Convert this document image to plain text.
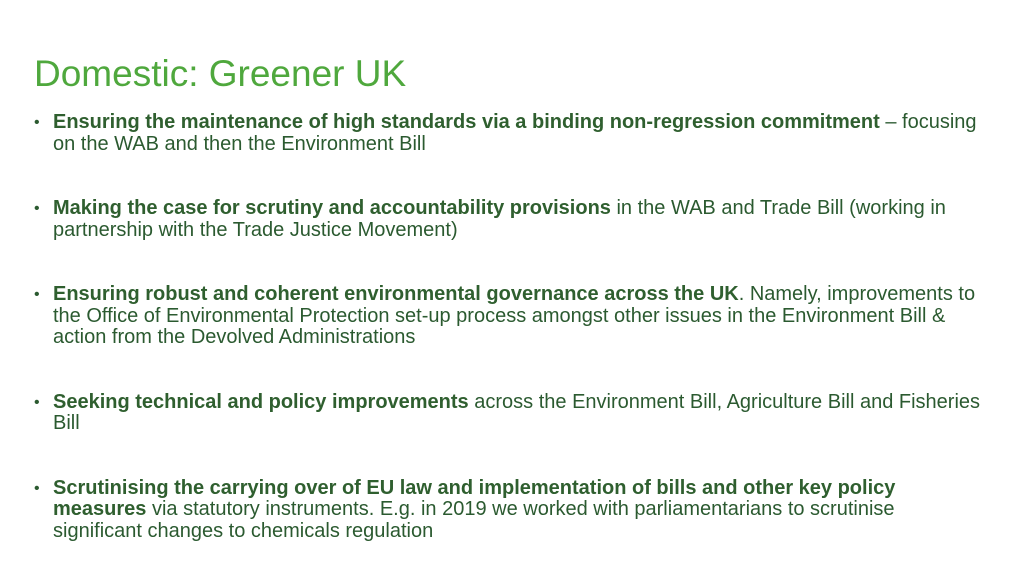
Domestic: Greener UK
• Ensuring the maintenance of high standards via a binding non-regression commitment – focusing on the WAB and then the Environment Bill
• Making the case for scrutiny and accountability provisions in the WAB and Trade Bill (working in partnership with the Trade Justice Movement)
• Ensuring robust and coherent environmental governance across the UK. Namely, improvements to the Office of Environmental Protection set-up process amongst other issues in the Environment Bill & action from the Devolved Administrations
• Seeking technical and policy improvements across the Environment Bill, Agriculture Bill and Fisheries Bill
• Scrutinising the carrying over of EU law and implementation of bills and other key policy measures via statutory instruments. E.g. in 2019 we worked with parliamentarians to scrutinise significant changes to chemicals regulation
